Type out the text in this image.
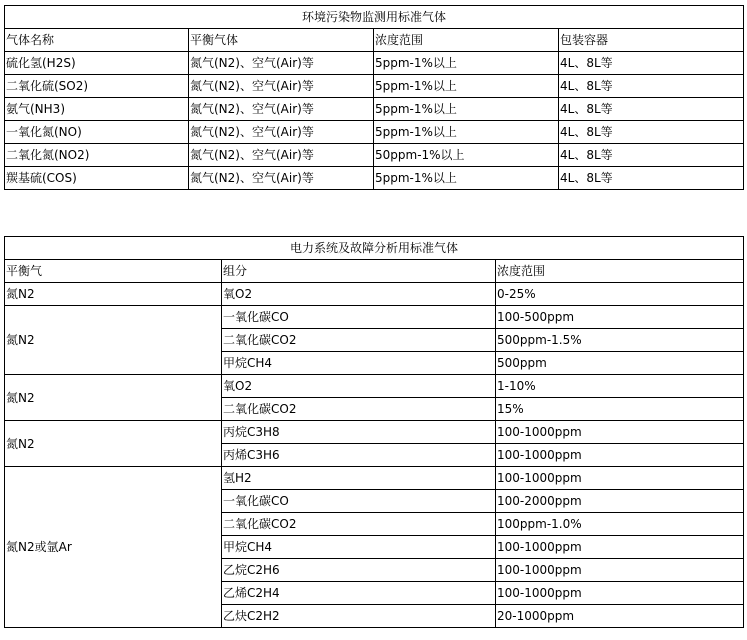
环境污染物监测用标准气体			
气体名称	平衡气体	浓度范围	包装容器
硫化氢(H2S)	氮气(N2)、空气(Air)等	5ppm-1%以上	4L、8L等
二氧化硫(SO2)	氮气(N2)、空气(Air)等	5ppm-1%以上	4L、8L等
氨气(NH3)	氮气(N2)、空气(Air)等	5ppm-1%以上	4L、8L等
一氧化氮(NO)	氮气(N2)、空气(Air)等	5ppm-1%以上	4L、8L等
二氧化氮(NO2)	氮气(N2)、空气(Air)等	50ppm-1%以上	4L、8L等
羰基硫(COS)	氮气(N2)、空气(Air)等	5ppm-1%以上	4L、8L等
电力系统及故障分析用标准气体		
平衡气	组分	浓度范围
氮N2	氧O2	0-25%
氮N2	一氧化碳CO	100-500ppm
	二氧化碳CO2	500ppm-1.5%
	甲烷CH4	500ppm
氮N2	氧O2	1-10%
	二氧化碳CO2	15%
氮N2	丙烷C3H8	100-1000ppm
	丙烯C3H6	100-1000ppm
氮N2或氩Ar	氢H2	100-1000ppm
	一氧化碳CO	100-2000ppm
	二氧化碳CO2	100ppm-1.0%
	甲烷CH4	100-1000ppm
	乙烷C2H6	100-1000ppm
	乙烯C2H4	100-1000ppm
	乙炔C2H2	20-1000ppm
